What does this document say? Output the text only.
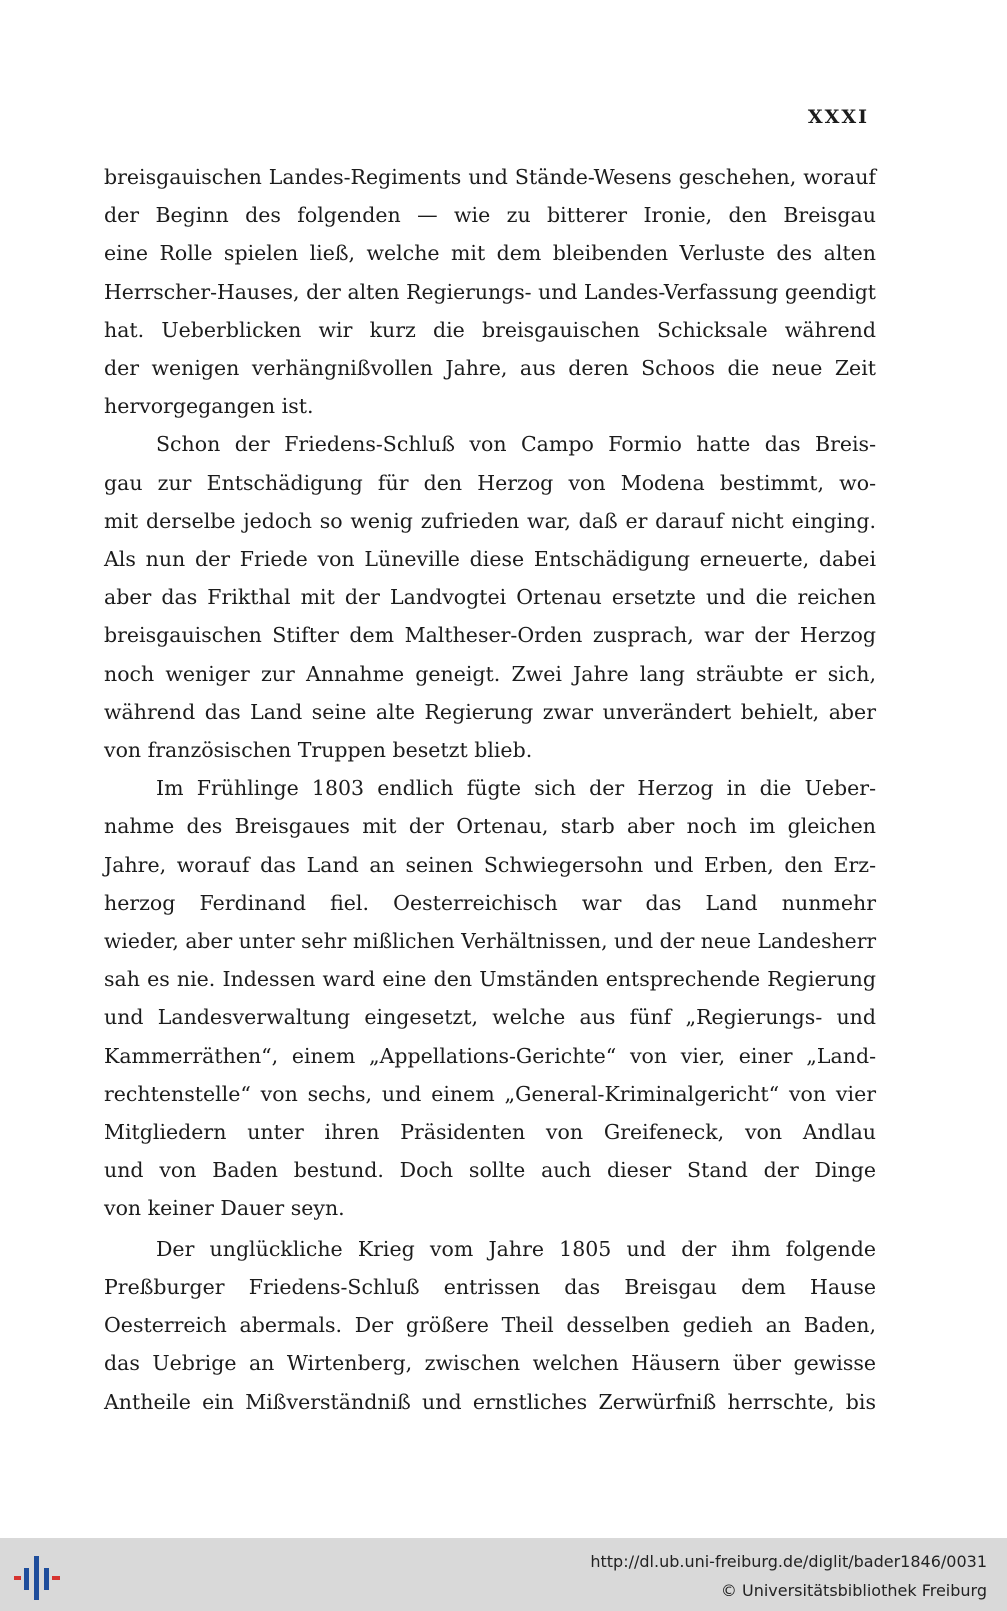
XXXI
breisgauischen Landes-Regiments und Stände-Wesens geschehen, worauf
der Beginn des folgenden — wie zu bitterer Ironie, den Breisgau
eine Rolle spielen ließ, welche mit dem bleibenden Verluste des alten
Herrscher-Hauses, der alten Regierungs- und Landes-Verfassung geendigt
hat. Ueberblicken wir kurz die breisgauischen Schicksale während
der wenigen verhängnißvollen Jahre, aus deren Schoos die neue Zeit
hervorgegangen ist.
Schon der Friedens-Schluß von Campo Formio hatte das Breis-
gau zur Entschädigung für den Herzog von Modena bestimmt, wo-
mit derselbe jedoch so wenig zufrieden war, daß er darauf nicht einging.
Als nun der Friede von Lüneville diese Entschädigung erneuerte, dabei
aber das Frikthal mit der Landvogtei Ortenau ersetzte und die reichen
breisgauischen Stifter dem Maltheser-Orden zusprach, war der Herzog
noch weniger zur Annahme geneigt. Zwei Jahre lang sträubte er sich,
während das Land seine alte Regierung zwar unverändert behielt, aber
von französischen Truppen besetzt blieb.
Im Frühlinge 1803 endlich fügte sich der Herzog in die Ueber-
nahme des Breisgaues mit der Ortenau, starb aber noch im gleichen
Jahre, worauf das Land an seinen Schwiegersohn und Erben, den Erz-
herzog Ferdinand fiel. Oesterreichisch war das Land nunmehr
wieder, aber unter sehr mißlichen Verhältnissen, und der neue Landesherr
sah es nie. Indessen ward eine den Umständen entsprechende Regierung
und Landesverwaltung eingesetzt, welche aus fünf „Regierungs- und
Kammerräthen“, einem „Appellations-Gerichte“ von vier, einer „Land-
rechtenstelle“ von sechs, und einem „General-Kriminalgericht“ von vier
Mitgliedern unter ihren Präsidenten von Greifeneck, von Andlau
und von Baden bestund. Doch sollte auch dieser Stand der Dinge
von keiner Dauer seyn.
Der unglückliche Krieg vom Jahre 1805 und der ihm folgende
Preßburger Friedens-Schluß entrissen das Breisgau dem Hause
Oesterreich abermals. Der größere Theil desselben gedieh an Baden,
das Uebrige an Wirtenberg, zwischen welchen Häusern über gewisse
Antheile ein Mißverständniß und ernstliches Zerwürfniß herrschte, bis
http://dl.ub.uni-freiburg.de/diglit/bader1846/0031
© Universitätsbibliothek Freiburg
